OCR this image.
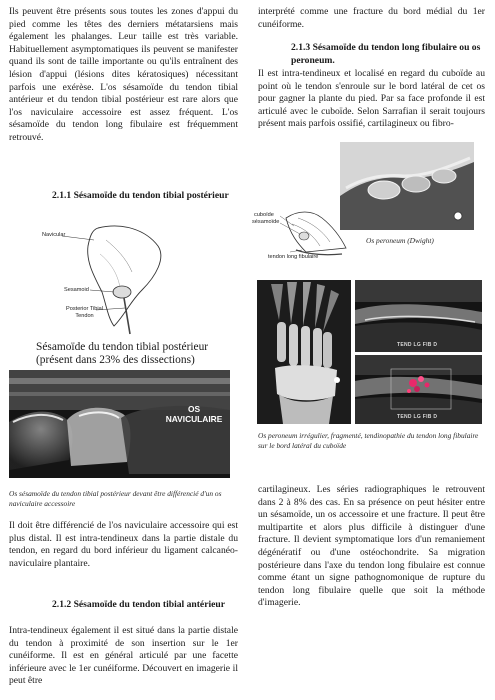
Ils peuvent être présents sous toutes les zones d'appui du pied comme les têtes des derniers métatarsiens mais également les phalanges. Leur taille est très variable. Habituellement asymptomatiques ils peuvent se manifester quand ils sont de taille importante ou qu'ils entraînent des lésion d'appui (lésions dites kératosiques) nécessitant parfois une exérèse. L'os sésamoïde du tendon tibial antérieur et du tendon tibial postérieur est rare alors que l'os naviculaire accessoire est assez fréquent. L'os sésamoïde du tendon long fibulaire est fréquemment retrouvé.

2.1.1 Sésamoïde du tendon tibial postérieur

Navicular
Sesamoid
Posterior Tibial
Tendon

Sésamoïde du tendon tibial postérieur
(présent dans 23% des dissections)

OS
NAVICULAIRE

Os sésamoïde du tendon tibial postérieur devant être différencié d'un os naviculaire accessoire

Il doit être différencié de l'os naviculaire accessoire qui est plus distal. Il est intra-tendineux dans la partie distale du tendon, en regard du bord inférieur du ligament calcanéo-naviculaire plantaire.

2.1.2 Sésamoïde du tendon tibial antérieur

Intra-tendineux également il est situé dans la partie distale du tendon à proximité de son insertion sur le 1er cunéiforme. Il est en général articulé par une facette inférieure avec le 1er cunéiforme. Découvert en imagerie il peut être

interprété comme une fracture du bord médial du 1er cunéiforme.

2.1.3 Sésamoïde du tendon long fibulaire ou os peroneum.

Il est intra-tendineux et localisé en regard du cuboïde au point où le tendon s'enroule sur le bord latéral de cet os pour gagner la plante du pied. Par sa face profonde il est articulé avec le cuboïde. Selon Sarrafian il serait toujours présent mais parfois ossifié, cartilagineux ou fibro-

cuboïde
sésamoïde
tendon long fibulaire

Os peroneum (Dwight)

TEND LG FIB D
TEND LG FIB D

Os peroneum irrégulier, fragmenté, tendinopathie du tendon long fibulaire sur le bord latéral du cuboïde

cartilagineux. Les séries radiographiques le retrouvent dans 2 à 8% des cas. En sa présence on peut hésiter entre un sésamoïde, un os accessoire et une fracture. Il peut être multipartite et alors plus difficile à distinguer d'une fracture. Il devient symptomatique lors d'un remaniement dégénératif ou d'une ostéochondrite. Sa migration postérieure dans l'axe du tendon long fibulaire est connue comme étant un signe pathognomonique de rupture du tendon long fibulaire quelle que soit la méthode d'imagerie.
